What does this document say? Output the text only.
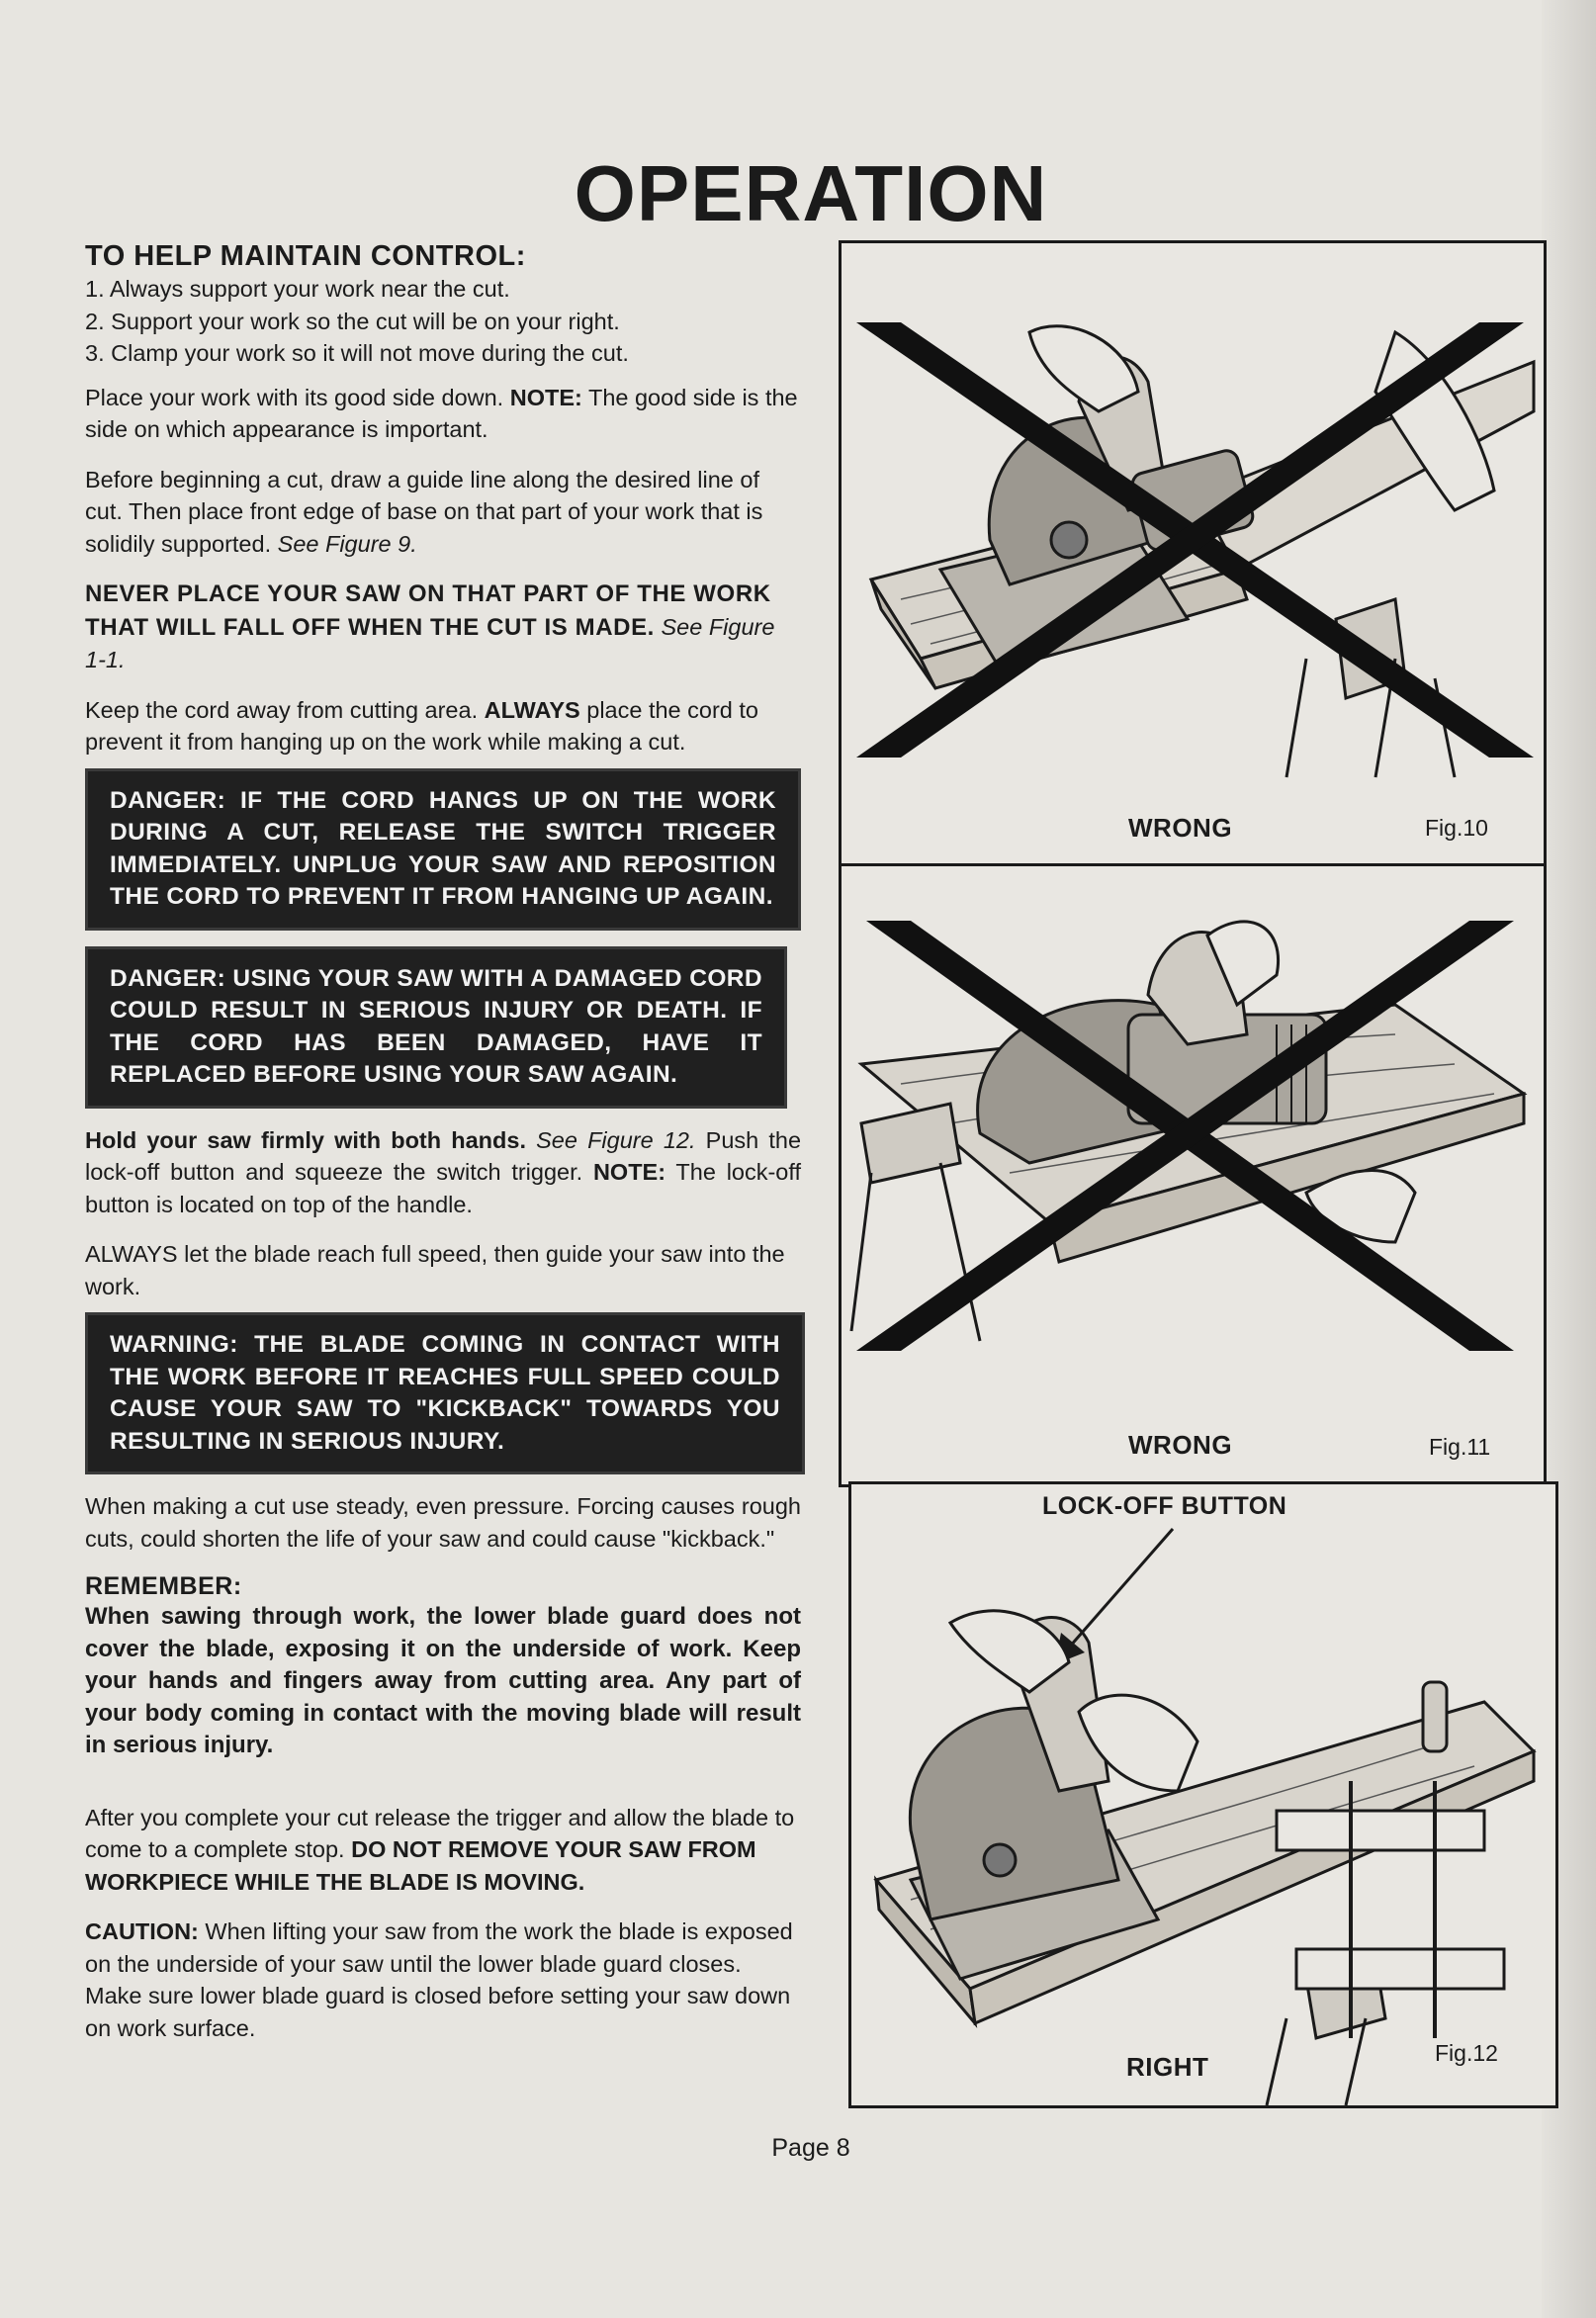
OPERATION

TO HELP MAINTAIN CONTROL:

1. Always support your work near the cut.
2. Support your work so the cut will be on your right.
3. Clamp your work so it will not move during the cut.

Place your work with its good side down. NOTE: The good side is the side on which appearance is important.

Before beginning a cut, draw a guide line along the desired line of cut. Then place front edge of base on that part of your work that is solidily supported. See Figure 9.

NEVER PLACE YOUR SAW ON THAT PART OF THE WORK THAT WILL FALL OFF WHEN THE CUT IS MADE. See Figure 1-1.

Keep the cord away from cutting area. ALWAYS place the cord to prevent it from hanging up on the work while making a cut.

DANGER: IF THE CORD HANGS UP ON THE WORK DURING A CUT, RELEASE THE SWITCH TRIGGER IMMEDIATELY. UNPLUG YOUR SAW AND REPOSITION THE CORD TO PREVENT IT FROM HANGING UP AGAIN.
DANGER: USING YOUR SAW WITH A DAMAGED CORD COULD RESULT IN SERIOUS INJURY OR DEATH. IF THE CORD HAS BEEN DAMAGED, HAVE IT REPLACED BEFORE USING YOUR SAW AGAIN.

Hold your saw firmly with both hands. See Figure 12. Push the lock-off button and squeeze the switch trigger. NOTE: The lock-off button is located on top of the handle.

ALWAYS let the blade reach full speed, then guide your saw into the work.

WARNING: THE BLADE COMING IN CONTACT WITH THE WORK BEFORE IT REACHES FULL SPEED COULD CAUSE YOUR SAW TO "KICKBACK" TOWARDS YOU RESULTING IN SERIOUS INJURY.

When making a cut use steady, even pressure. Forcing causes rough cuts, could shorten the life of your saw and could cause "kickback."

REMEMBER:

When sawing through work, the lower blade guard does not cover the blade, exposing it on the underside of work. Keep your hands and fingers away from cutting area. Any part of your body coming in contact with the moving blade will result in serious injury.

After you complete your cut release the trigger and allow the blade to come to a complete stop. DO NOT REMOVE YOUR SAW FROM WORKPIECE WHILE THE BLADE IS MOVING.

CAUTION: When lifting your saw from the work the blade is exposed on the underside of your saw until the lower blade guard closes. Make sure lower blade guard is closed before setting your saw down on work surface.

WRONG	Fig.10
WRONG	Fig.11
LOCK-OFF BUTTON
RIGHT	Fig.12
Page 8
